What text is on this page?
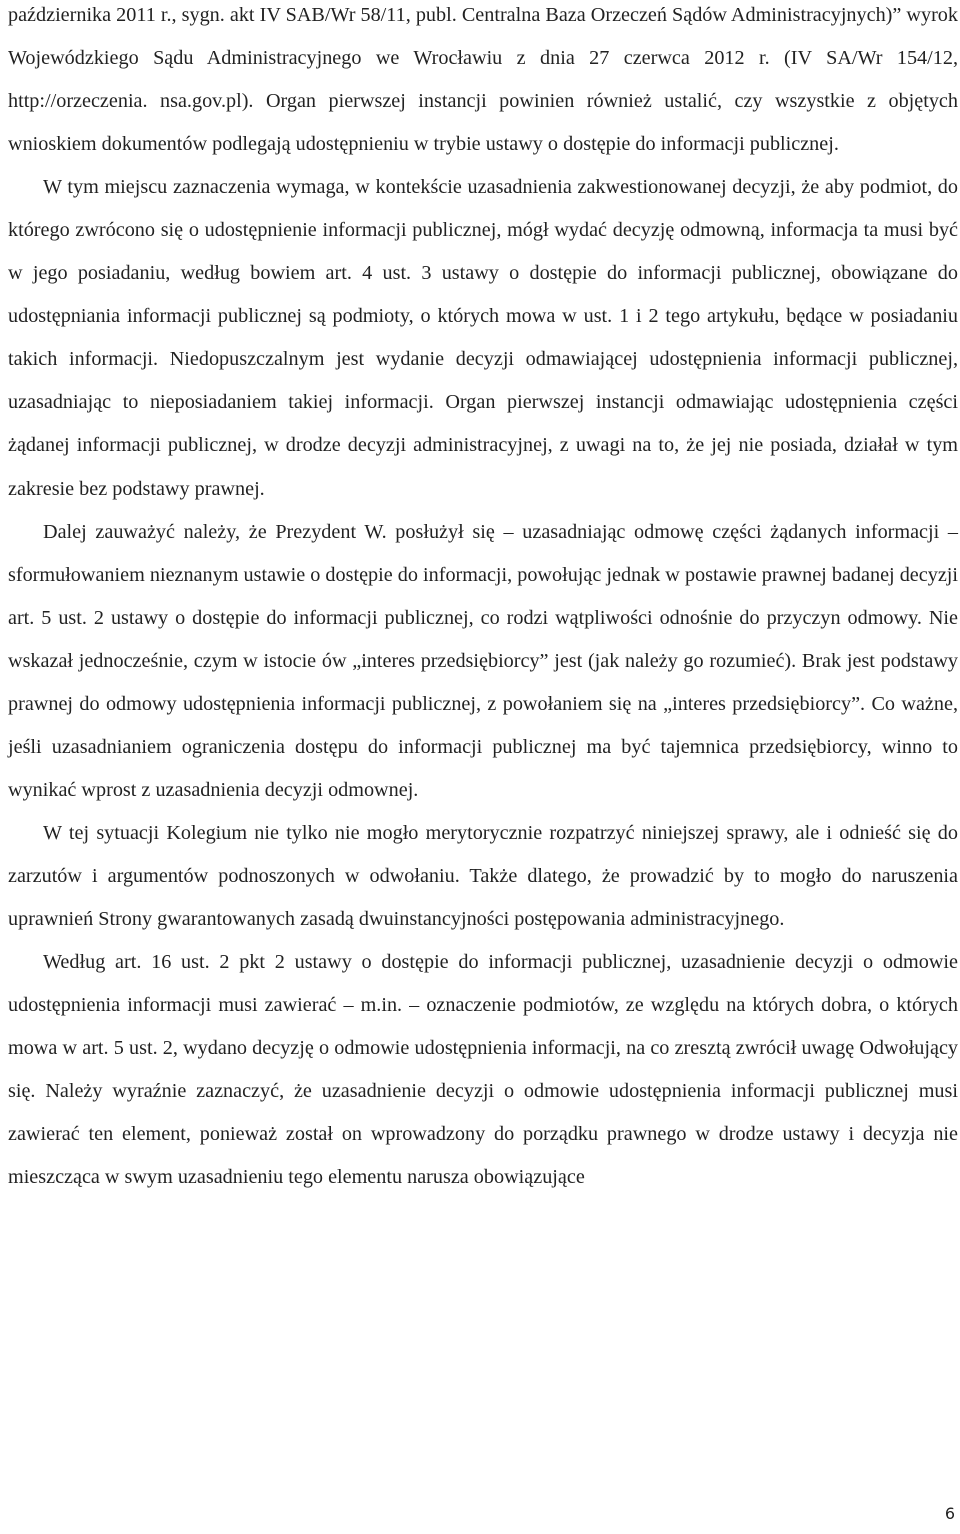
października 2011 r., sygn. akt IV SAB/Wr 58/11, publ. Centralna Baza Orzeczeń Sądów Administracyjnych)” wyrok Wojewódzkiego Sądu Administracyjnego we Wrocławiu z dnia 27 czerwca 2012 r. (IV SA/Wr 154/12, http://orzeczenia. nsa.gov.pl). Organ pierwszej instancji powinien również ustalić, czy wszystkie z objętych wnioskiem dokumentów podlegają udostępnieniu w trybie ustawy o dostępie do informacji publicznej.

W tym miejscu zaznaczenia wymaga, w kontekście uzasadnienia zakwestionowanej decyzji, że aby podmiot, do którego zwrócono się o udostępnienie informacji publicznej, mógł wydać decyzję odmowną, informacja ta musi być w jego posiadaniu, według bowiem art. 4 ust. 3 ustawy o dostępie do informacji publicznej, obowiązane do udostępniania informacji publicznej są podmioty, o których mowa w ust. 1 i 2 tego artykułu, będące w posiadaniu takich informacji. Niedopuszczalnym jest wydanie decyzji odmawiającej udostępnienia informacji publicznej, uzasadniając to nieposiadaniem takiej informacji. Organ pierwszej instancji odmawiając udostępnienia części żądanej informacji publicznej, w drodze decyzji administracyjnej, z uwagi na to, że jej nie posiada, działał w tym zakresie bez podstawy prawnej.

Dalej zauważyć należy, że Prezydent W. posłużył się – uzasadniając odmowę części żądanych informacji – sformułowaniem nieznanym ustawie o dostępie do informacji, powołując jednak w postawie prawnej badanej decyzji art. 5 ust. 2 ustawy o dostępie do informacji publicznej, co rodzi wątpliwości odnośnie do przyczyn odmowy. Nie wskazał jednocześnie, czym w istocie ów „interes przedsiębiorcy” jest (jak należy go rozumieć). Brak jest podstawy prawnej do odmowy udostępnienia informacji publicznej, z powołaniem się na „interes przedsiębiorcy”. Co ważne, jeśli uzasadnianiem ograniczenia dostępu do informacji publicznej ma być tajemnica przedsiębiorcy, winno to wynikać wprost z uzasadnienia decyzji odmownej.

W tej sytuacji Kolegium nie tylko nie mogło merytorycznie rozpatrzyć niniejszej sprawy, ale i odnieść się do zarzutów i argumentów podnoszonych w odwołaniu. Także dlatego, że prowadzić by to mogło do naruszenia uprawnień Strony gwarantowanych zasadą dwuinstancyjności postępowania administracyjnego.

Według art. 16 ust. 2 pkt 2 ustawy o dostępie do informacji publicznej, uzasadnienie decyzji o odmowie udostępnienia informacji musi zawierać – m.in. – oznaczenie podmiotów, ze względu na których dobra, o których mowa w art. 5 ust. 2, wydano decyzję o odmowie udostępnienia informacji, na co zresztą zwrócił uwagę Odwołujący się. Należy wyraźnie zaznaczyć, że uzasadnienie decyzji o odmowie udostępnienia informacji publicznej musi zawierać ten element, ponieważ został on wprowadzony do porządku prawnego w drodze ustawy i decyzja nie mieszcząca w swym uzasadnieniu tego elementu narusza obowiązujące

6
